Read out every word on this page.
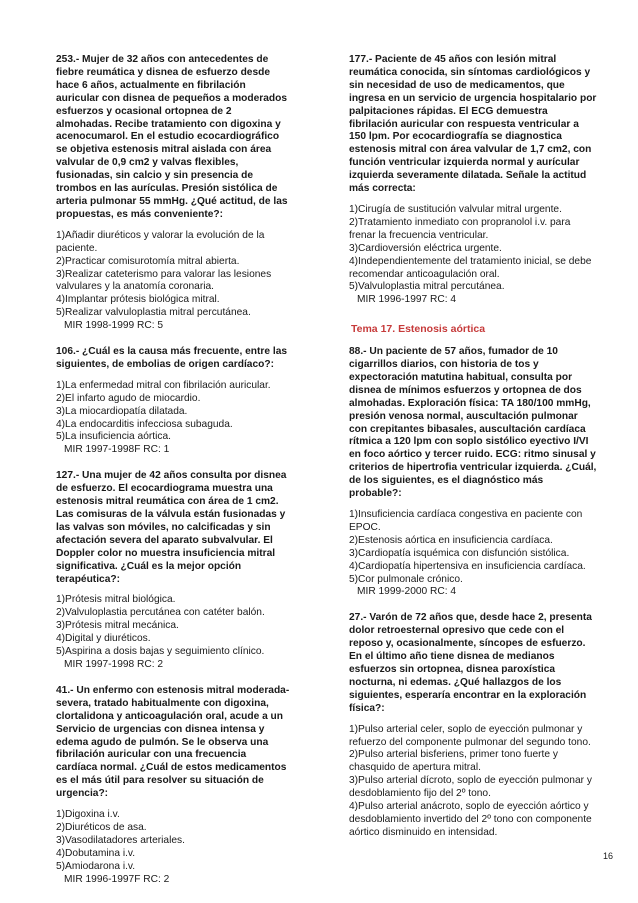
253.- Mujer de 32 años con antecedentes de fiebre reumática y disnea de esfuerzo desde hace 6 años, actualmente en fibrilación auricular con disnea de pequeños a moderados esfuerzos y ocasional ortopnea de 2 almohadas. Recibe tratamiento con digoxina y acenocumarol. En el estudio ecocardiográfico se objetiva estenosis mitral aislada con área valvular de 0,9 cm2 y valvas flexibles, fusionadas, sin calcio y sin presencia de trombos en las aurículas. Presión sistólica de arteria pulmonar 55 mmHg. ¿Qué actitud, de las propuestas, es más conveniente?:

1)Añadir diuréticos y valorar la evolución de la paciente.

2)Practicar comisurotomía mitral abierta.

3)Realizar cateterismo para valorar las lesiones valvulares y la anatomía coronaria.

4)Implantar prótesis biológica mitral.

5)Realizar valvuloplastia mitral percutánea.

MIR 1998-1999 RC: 5

106.- ¿Cuál es la causa más frecuente, entre las siguientes, de embolias de origen cardíaco?:

1)La enfermedad mitral con fibrilación auricular.

2)El infarto agudo de miocardio.

3)La miocardiopatía dilatada.

4)La endocarditis infecciosa subaguda.

5)La insuficiencia aórtica.

MIR 1997-1998F RC: 1

127.- Una mujer de 42 años consulta por disnea de esfuerzo. El ecocardiograma muestra una estenosis mitral reumática con área de 1 cm2. Las comisuras de la válvula están fusionadas y las valvas son móviles, no calcificadas y sin afectación severa del aparato subvalvular. El Doppler color no muestra insuficiencia mitral significativa. ¿Cuál es la mejor opción terapéutica?:

1)Prótesis mitral biológica.

2)Valvuloplastia percutánea con catéter balón.

3)Prótesis mitral mecánica.

4)Digital y diuréticos.

5)Aspirina a dosis bajas y seguimiento clínico.

MIR 1997-1998 RC: 2

41.- Un enfermo con estenosis mitral moderada-severa, tratado habitualmente con digoxina, clortalidona y anticoagulación oral, acude a un Servicio de urgencias con disnea intensa y edema agudo de pulmón. Se le observa una fibrilación auricular con una frecuencia cardíaca normal. ¿Cuál de estos medicamentos es el más útil para resolver su situación de urgencia?:

1)Digoxina i.v.

2)Diuréticos de asa.

3)Vasodilatadores arteriales.

4)Dobutamina i.v.

5)Amiodarona i.v.

MIR 1996-1997F RC: 2

177.- Paciente de 45 años con lesión mitral reumática conocida, sin síntomas cardiológicos y sin necesidad de uso de medicamentos, que ingresa en un servicio de urgencia hospitalario por palpitaciones rápidas. El ECG demuestra fibrilación auricular con respuesta ventricular a 150 lpm. Por ecocardiografía se diagnostica estenosis mitral con área valvular de 1,7 cm2, con función ventricular izquierda normal y aurícular izquierda severamente dilatada. Señale la actitud más correcta:

1)Cirugía de sustitución valvular mitral urgente.

2)Tratamiento inmediato con propranolol i.v. para frenar la frecuencia ventricular.

3)Cardioversión eléctrica urgente.

4)Independientemente del tratamiento inicial, se debe recomendar anticoagulación oral.

5)Valvuloplastia mitral percutánea.

MIR 1996-1997 RC: 4

Tema 17. Estenosis aórtica

88.- Un paciente de 57 años, fumador de 10 cigarrillos diarios, con historia de tos y expectoración matutina habitual, consulta por disnea de mínimos esfuerzos y ortopnea de dos almohadas. Exploración física: TA 180/100 mmHg, presión venosa normal, auscultación pulmonar con crepitantes bibasales, auscultación cardíaca rítmica a 120 lpm con soplo sistólico eyectivo I/VI en foco aórtico y tercer ruido. ECG: ritmo sinusal y criterios de hipertrofia ventricular izquierda. ¿Cuál, de los siguientes, es el diagnóstico más probable?:

1)Insuficiencia cardíaca congestiva en paciente con EPOC.

2)Estenosis aórtica en insuficiencia cardíaca.

3)Cardiopatía isquémica con disfunción sistólica.

4)Cardiopatía hipertensiva en insuficiencia cardíaca.

5)Cor pulmonale crónico.

MIR 1999-2000 RC: 4

27.- Varón de 72 años que, desde hace 2, presenta dolor retroesternal opresivo que cede con el reposo y, ocasionalmente, síncopes de esfuerzo. En el último año tiene disnea de medianos esfuerzos sin ortopnea, disnea paroxística nocturna, ni edemas. ¿Qué hallazgos de los siguientes, esperaría encontrar en la exploración física?:

1)Pulso arterial celer, soplo de eyección pulmonar y refuerzo del componente pulmonar del segundo tono.

2)Pulso arterial bisferiens, primer tono fuerte y chasquido de apertura mitral.

3)Pulso arterial dícroto, soplo de eyección pulmonar y desdoblamiento fijo del 2º tono.

4)Pulso arterial anácroto, soplo de eyección aórtico y desdoblamiento invertido del 2º tono con componente aórtico disminuido en intensidad.

16
